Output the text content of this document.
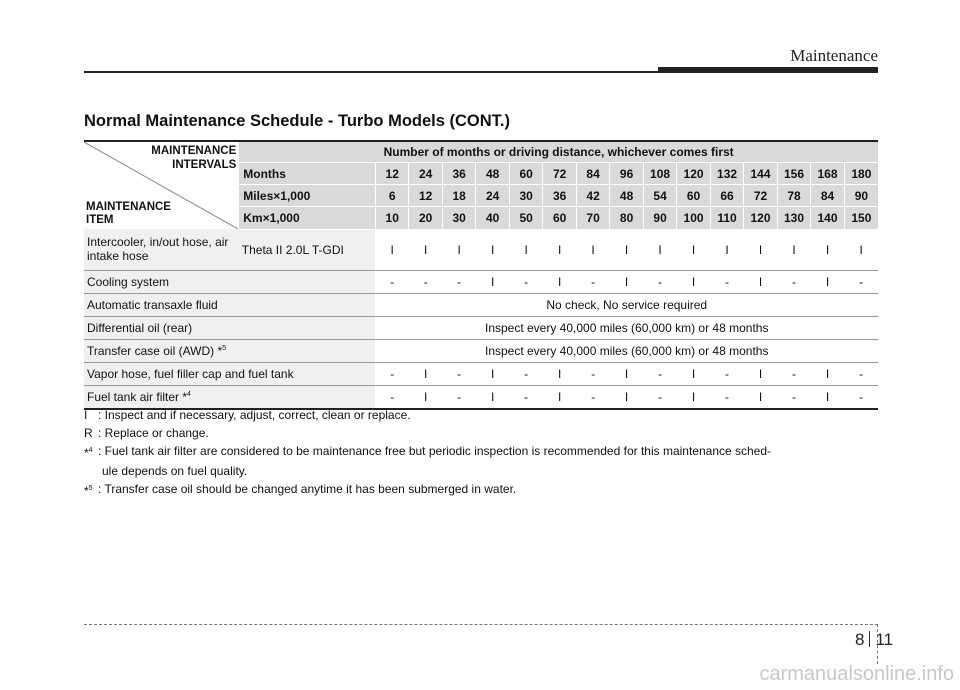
Maintenance
Normal Maintenance Schedule - Turbo Models (CONT.)
MAINTENANCE INTERVALS
MAINTENANCE ITEM	Number of months or driving distance, whichever comes first															
	Months	12	24	36	48	60	72	84	96	108	120	132	144	156	168	180
	Miles×1,000	6	12	18	24	30	36	42	48	54	60	66	72	78	84	90
	Km×1,000	10	20	30	40	50	60	70	80	90	100	110	120	130	140	150
Intercooler, in/out hose, air intake hose	Theta II 2.0L T-GDI	I	I	I	I	I	I	I	I	I	I	I	I	I	I	I
Cooling system		-	-	-	I	-	I	-	I	-	I	-	I	-	I	-
Automatic transaxle fluid		No check, No service required														
Differential oil (rear)		Inspect every 40,000 miles (60,000 km) or 48 months														
Transfer case oil (AWD) *$^5$		Inspect every 40,000 miles (60,000 km) or 48 months														
Vapor hose, fuel filler cap and fuel tank		-	I	-	I	-	I	-	I	-	I	-	I	-	I	-
Fuel tank air filter *$^4$		-	I	-	I	-	I	-	I	-	I	-	I	-	I	-
I : Inspect and if necessary, adjust, correct, clean or replace.
R : Replace or change.
*$^4$ : Fuel tank air filter are considered to be maintenance free but periodic inspection is recommended for this maintenance sched-
ule depends on fuel quality.
*$^5$ : Transfer case oil should be changed anytime it has been submerged in water.
8 11
carmanualsonline.info
